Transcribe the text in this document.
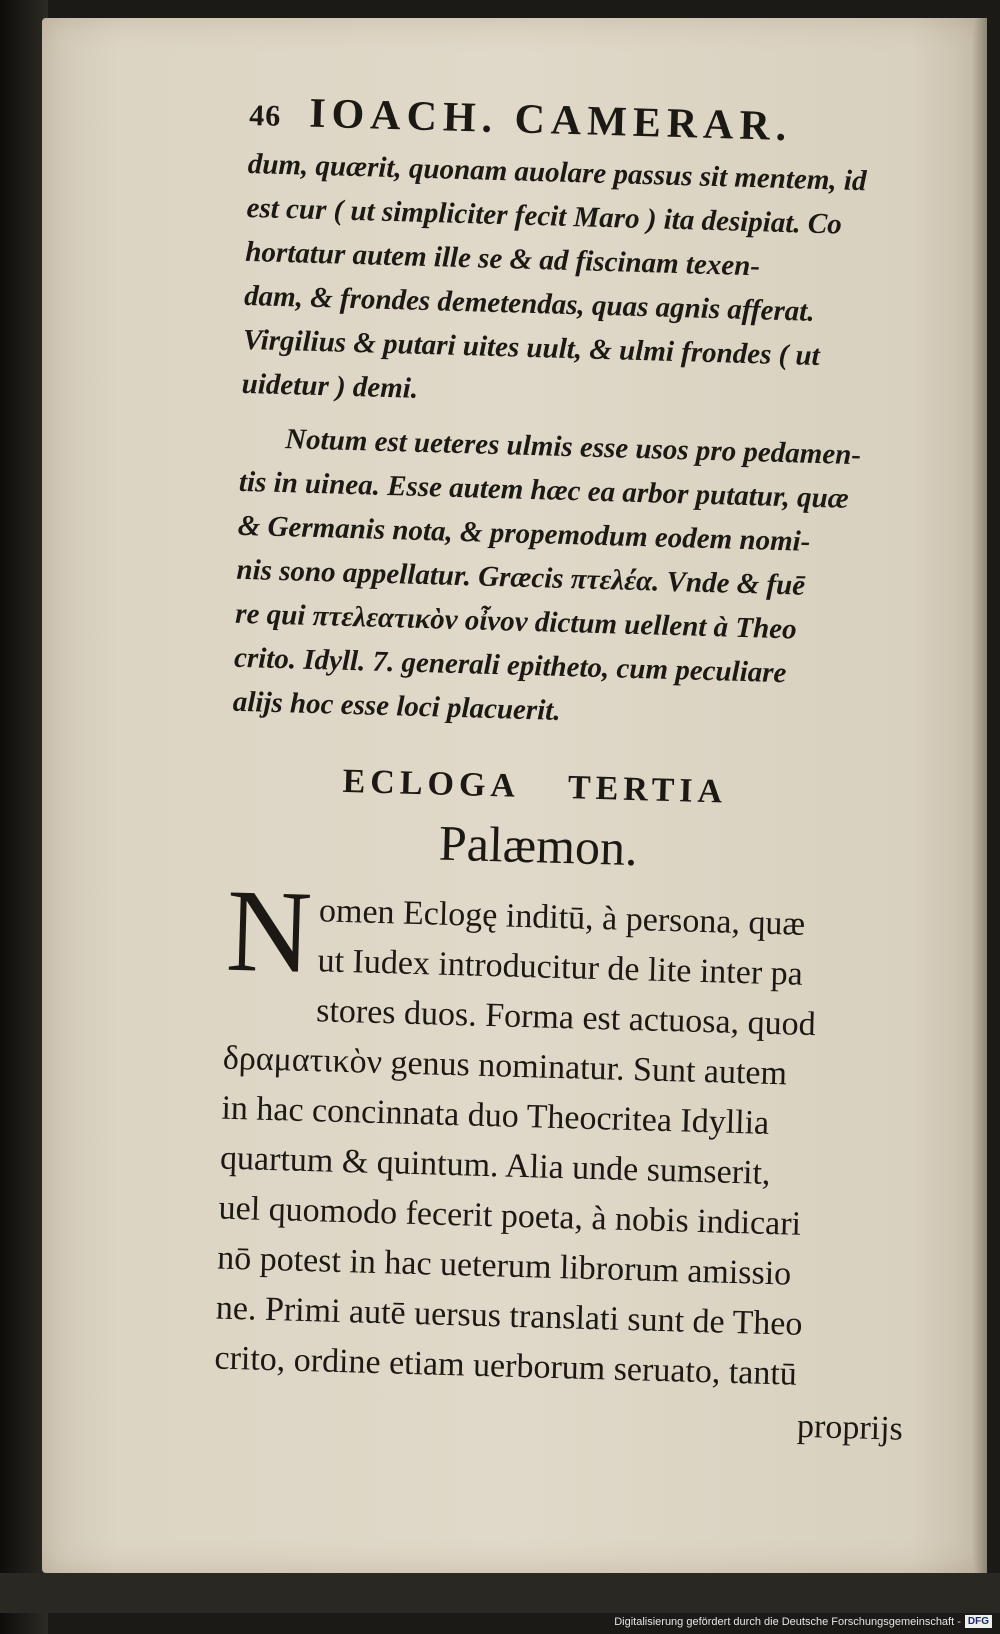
46 IOACH. CAMERAR.

dum, quærit, quonam auolare passus sit mentem, id
est cur ( ut simpliciter fecit Maro ) ita desipiat. Co
hortatur autem ille se & ad fiscinam texen-
dam, & frondes demetendas, quas agnis afferat.
Virgilius & putari uites uult, & ulmi frondes ( ut
uidetur ) demi.

Notum est ueteres ulmis esse usos pro pedamen-
tis in uinea. Esse autem hæc ea arbor putatur, quæ
& Germanis nota, & propemodum eodem nomi-
nis sono appellatur. Græcis πτελέα. Vnde & fuē
re qui πτελεατικὸν οἶνον dictum uellent à Theo
crito. Idyll. 7. generali epithetο, cum peculiare
alijs hoc esse loci placuerit.

ECLOGA TERTIA
Palæmon.
N omen Eclogę inditū, à persona, quæ
ut Iudex introducitur de lite inter pa
stores duos. Forma est actuosa, quod
δραματικὸν genus nominatur. Sunt autem
in hac concinnata duo Theocritea Idyllia
quartum & quintum. Alia unde sumserit,
uel quomodo fecerit poeta, à nobis indicari
nō potest in hac ueterum librorum amissio
ne. Primi autē uersus translati sunt de Theo
crito, ordine etiam uerborum seruato, tantū
proprijs
Digitalisierung gefördert durch die Deutsche Forschungsgemeinschaft - DFG
